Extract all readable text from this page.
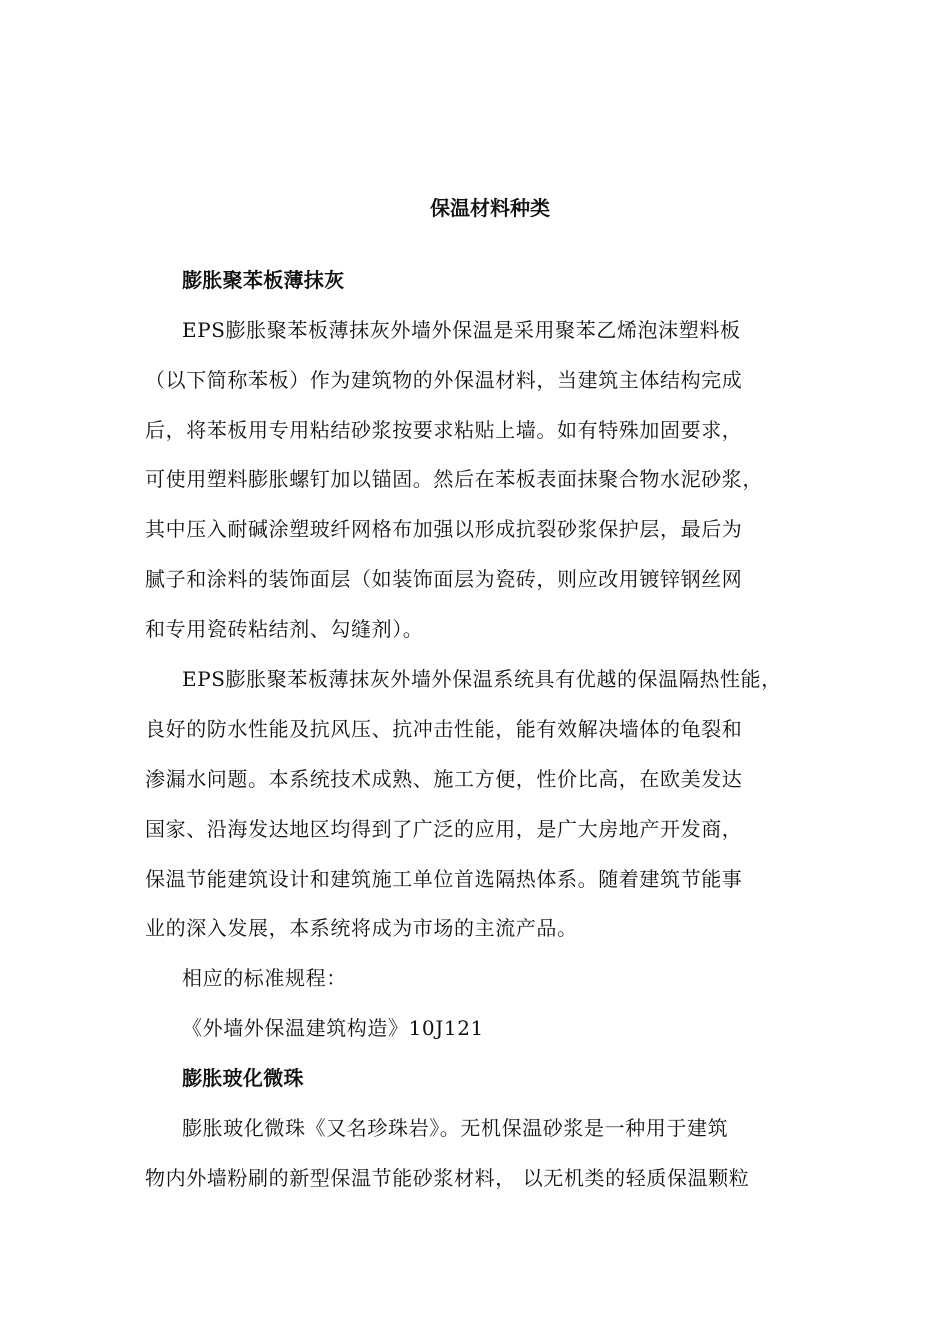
保温材料种类
膨胀聚苯板薄抹灰
EPS膨胀聚苯板薄抹灰外墙外保温是采用聚苯乙烯泡沫塑料板
（以下简称苯板）作为建筑物的外保温材料，当建筑主体结构完成
后，将苯板用专用粘结砂浆按要求粘贴上墙。如有特殊加固要求，
可使用塑料膨胀螺钉加以锚固。然后在苯板表面抹聚合物水泥砂浆，
其中压入耐碱涂塑玻纤网格布加强以形成抗裂砂浆保护层，最后为
腻子和涂料的装饰面层（如装饰面层为瓷砖，则应改用镀锌钢丝网
和专用瓷砖粘结剂、勾缝剂）。
EPS膨胀聚苯板薄抹灰外墙外保温系统具有优越的保温隔热性能，
良好的防水性能及抗风压、抗冲击性能，能有效解决墙体的龟裂和
渗漏水问题。本系统技术成熟、施工方便，性价比高，在欧美发达
国家、沿海发达地区均得到了广泛的应用，是广大房地产开发商，
保温节能建筑设计和建筑施工单位首选隔热体系。随着建筑节能事
业的深入发展，本系统将成为市场的主流产品。
相应的标准规程：
《外墙外保温建筑构造》10J121
膨胀玻化微珠
膨胀玻化微珠《又名珍珠岩》。无机保温砂浆是一种用于建筑
物内外墙粉刷的新型保温节能砂浆材料， 以无机类的轻质保温颗粒
